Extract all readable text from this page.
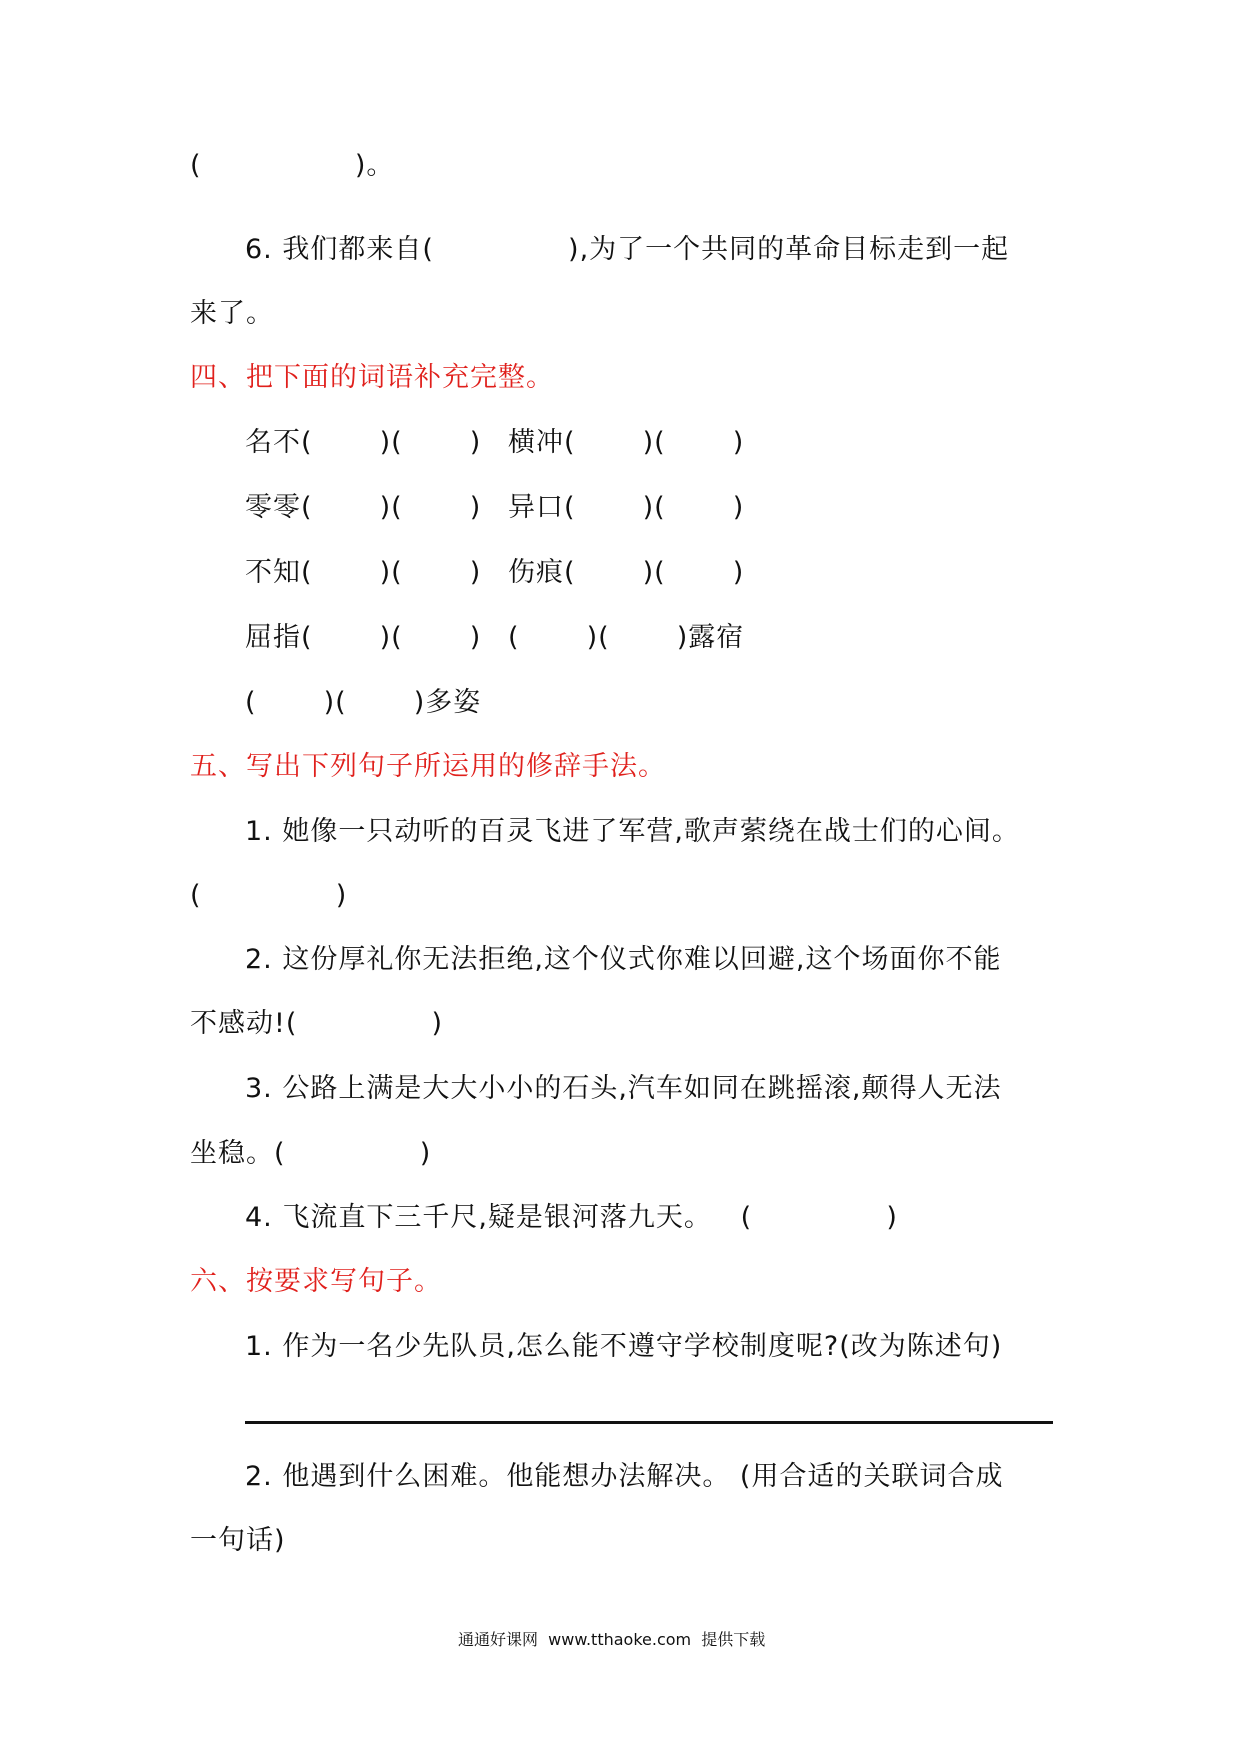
(                )。
6. 我们都来自(              ),为了一个共同的革命目标走到一起
来了。
四、把下面的词语补充完整。
名不(       )(       ) 横冲(       )(       )
零零(       )(       ) 异口(       )(       )
不知(       )(       ) 伤痕(       )(       )
屈指(       )(       ) (       )(       )露宿
(       )(       )多姿
五、写出下列句子所运用的修辞手法。
1. 她像一只动听的百灵飞进了军营,歌声萦绕在战士们的心间。
(              )
2. 这份厚礼你无法拒绝,这个仪式你难以回避,这个场面你不能
不感动!(              )
3. 公路上满是大大小小的石头,汽车如同在跳摇滚,颠得人无法
坐稳。(              )
4. 飞流直下三千尺,疑是银河落九天。   (              )
六、按要求写句子。
1. 作为一名少先队员,怎么能不遵守学校制度呢?(改为陈述句)
2. 他遇到什么困难。他能想办法解决。 (用合适的关联词合成
一句话)
通通好课网  www.tthaoke.com  提供下载
